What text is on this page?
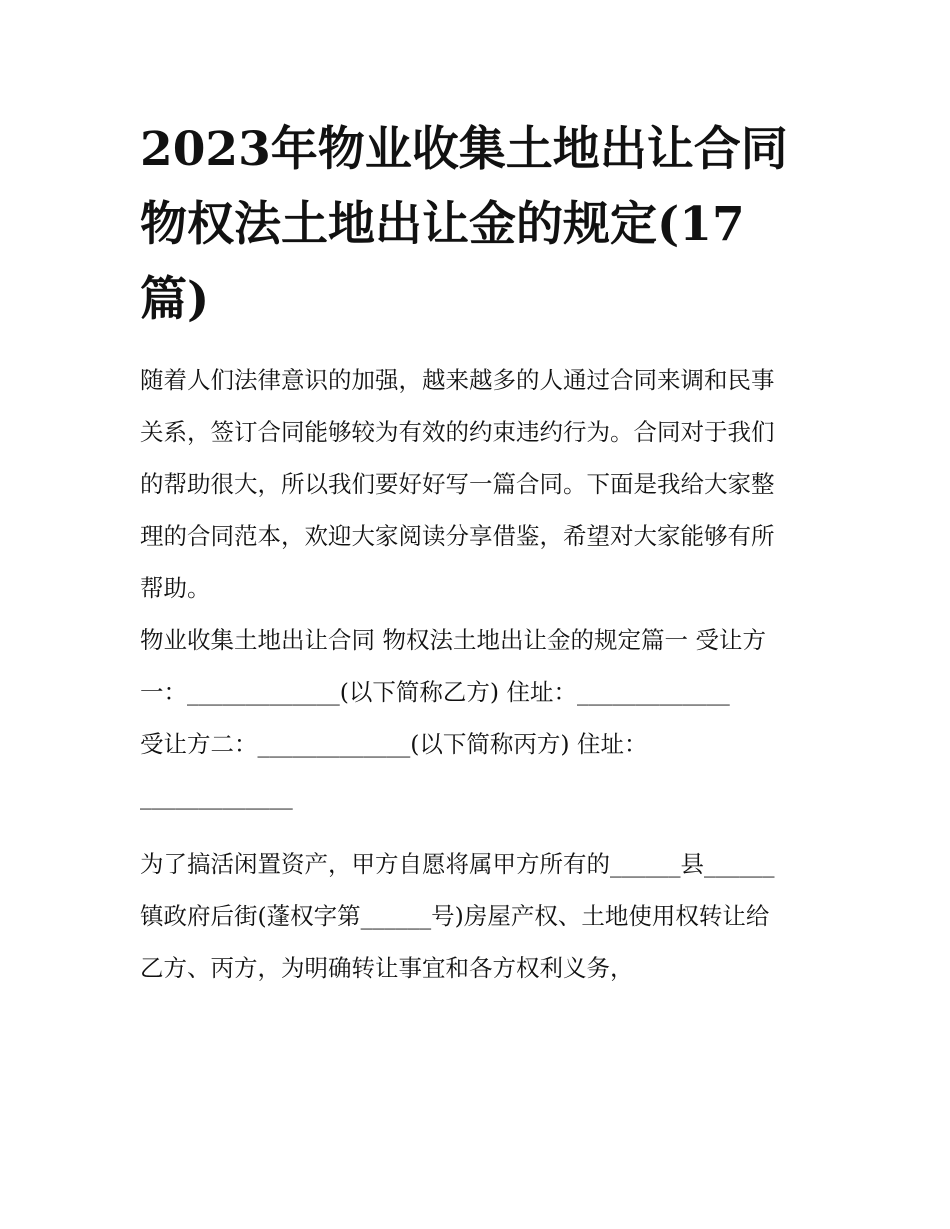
2023年物业收集土地出让合同
物权法土地出让金的规定(17
篇)

随着人们法律意识的加强，越来越多的人通过合同来调和民事
关系，签订合同能够较为有效的约束违约行为。合同对于我们
的帮助很大，所以我们要好好写一篇合同。下面是我给大家整
理的合同范本，欢迎大家阅读分享借鉴，希望对大家能够有所
帮助。

物业收集土地出让合同 物权法土地出让金的规定篇一 受让方
一：_____________(以下简称乙方) 住址：_____________
受让方二：_____________(以下简称丙方) 住址：
_____________

为了搞活闲置资产，甲方自愿将属甲方所有的______县______
镇政府后街(蓬权字第______号)房屋产权、土地使用权转让给
乙方、丙方，为明确转让事宜和各方权利义务，
